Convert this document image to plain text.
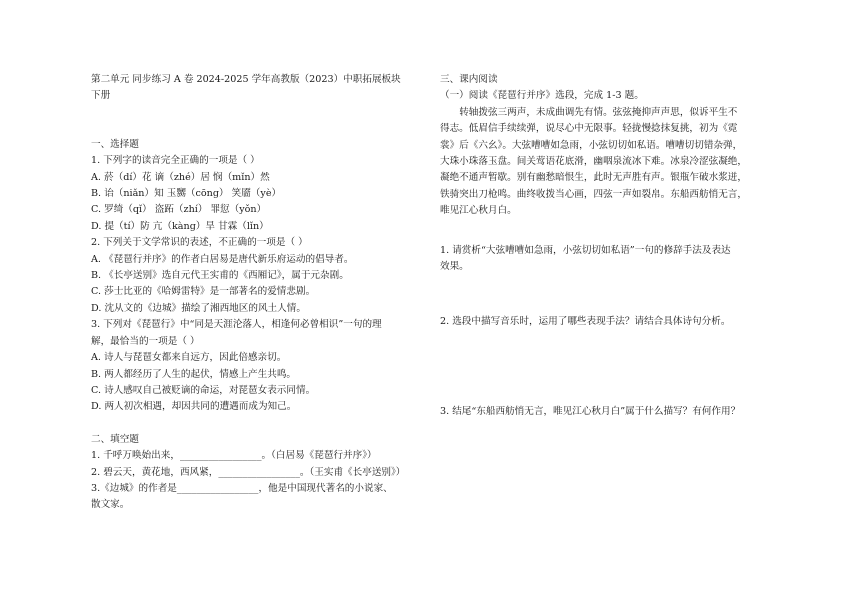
第二单元 同步练习 A 卷 2024-2025 学年高教版（2023）中职拓展板块
下册
一、选择题
1. 下列字的读音完全正确的一项是（ ）
A. 菸（dí）花 谪（zhé）居 悯（mǐn）然
B. 诒（niǎn）知 玉嬲（cōng） 笑靥（yè）
C. 罗绮（qǐ） 盗跖（zhí） 罪愆（yǒn）
D. 提（tí）防 亢（kàng）旱 甘霖（lǐn）
2. 下列关于文学常识的表述，不正确的一项是（ ）
A. 《琵琶行并序》的作者白居易是唐代新乐府运动的倡导者。
B. 《长亭送别》选自元代王实甫的《西厢记》，属于元杂剧。
C. 莎士比亚的《哈姆雷特》是一部著名的爱情悲剧。
D. 沈从文的《边城》描绘了湘西地区的风土人情。
3. 下列对《琵琶行》中“同是天涯沦落人，相逢何必曾相识”一句的理
解，最恰当的一项是（ ）
A. 诗人与琵琶女都来自远方，因此倍感亲切。
B. 两人都经历了人生的起伏，情感上产生共鸣。
C. 诗人感叹自己被贬谪的命运，对琵琶女表示同情。
D. 两人初次相遇，却因共同的遭遇而成为知己。
二、填空题
1. 千呼万唤始出来，_________________。（白居易《琵琶行并序》）
2. 碧云天，黄花地，西风紧，_________________。（王实甫《长亭送别》）
3.《边城》的作者是_________________，他是中国现代著名的小说家、
散文家。
三、课内阅读
（一）阅读《琵琶行并序》选段，完成 1-3 题。
转轴拨弦三两声，未成曲调先有情。弦弦掩抑声声思，似诉平生不
得志。低眉信手续续弹，说尽心中无限事。轻拢慢捻抹复挑，初为《霓
裳》后《六幺》。大弦嘈嘈如急雨，小弦切切如私语。嘈嘈切切错杂弹，
大珠小珠落玉盘。间关莺语花底滑，幽咽泉流冰下难。冰泉冷涩弦凝绝，
凝绝不通声暂歇。别有幽愁暗恨生，此时无声胜有声。银瓶乍破水浆迸，
铁骑突出刀枪鸣。曲终收拨当心画，四弦一声如裂帛。东船西舫悄无言，
唯见江心秋月白。
1. 请赏析“大弦嘈嘈如急雨，小弦切切如私语”一句的修辞手法及表达
效果。
2. 选段中描写音乐时，运用了哪些表现手法？请结合具体诗句分析。
3. 结尾“东船西舫悄无言，唯见江心秋月白”属于什么描写？有何作用？
